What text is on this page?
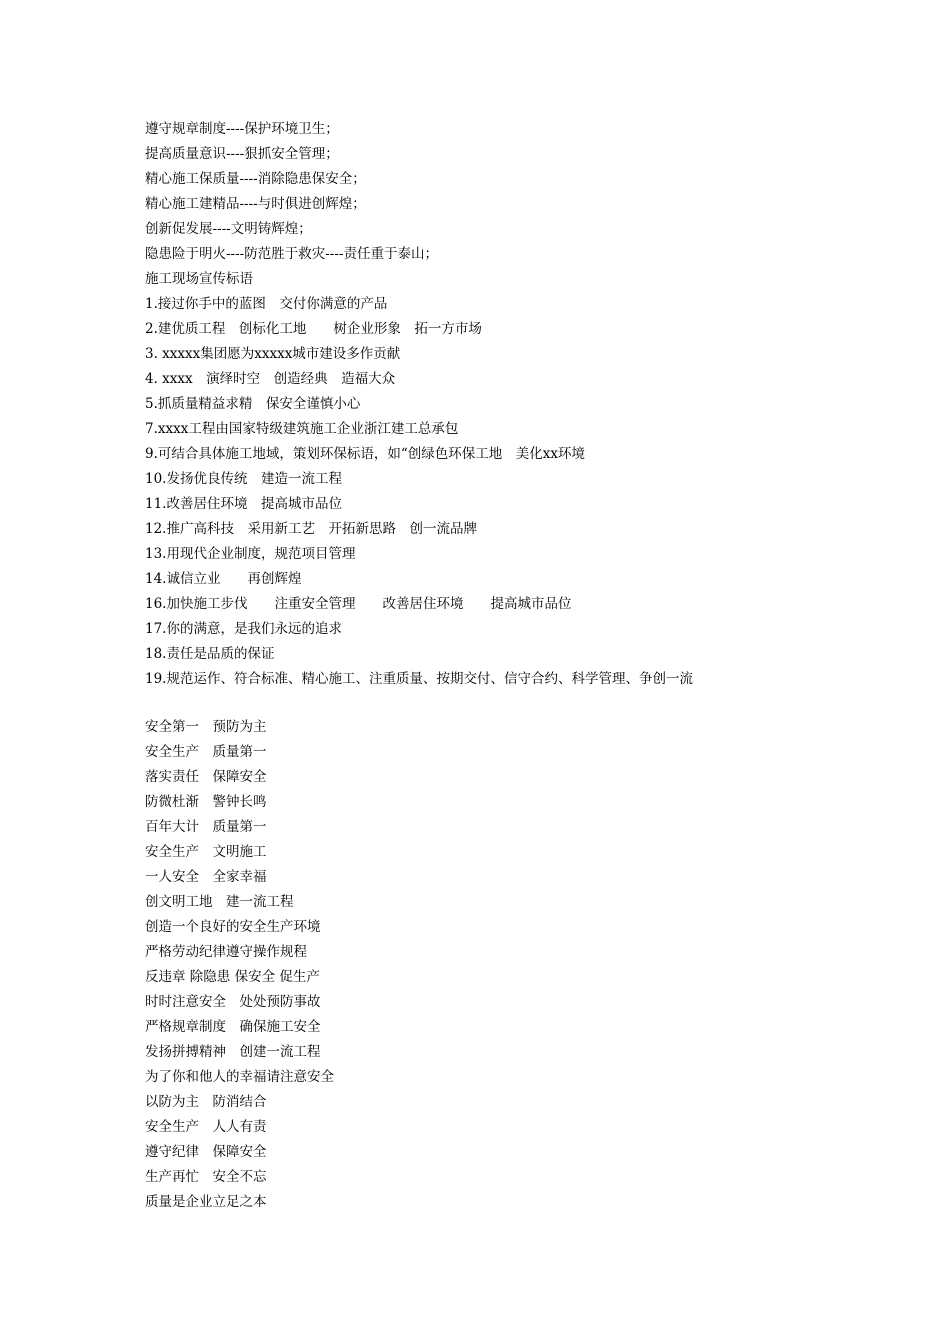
遵守规章制度----保护环境卫生；
提高质量意识----狠抓安全管理；
精心施工保质量----消除隐患保安全；
精心施工建精品----与时俱进创辉煌；
创新促发展----文明铸辉煌；
隐患险于明火----防范胜于救灾----责任重于泰山；
施工现场宣传标语
1.接过你手中的蓝图　交付你满意的产品
2.建优质工程　创标化工地　　树企业形象　拓一方市场
3. xxxxx集团愿为xxxxx城市建设多作贡献
4. xxxx　演绎时空　创造经典　造福大众
5.抓质量精益求精　保安全谨慎小心
7.xxxx工程由国家特级建筑施工企业浙江建工总承包
9.可结合具体施工地域，策划环保标语，如“创绿色环保工地　美化xx环境
10.发扬优良传统　建造一流工程
11.改善居住环境　提高城市品位
12.推广高科技　采用新工艺　开拓新思路　创一流品牌
13.用现代企业制度，规范项目管理
14.诚信立业　　再创辉煌
16.加快施工步伐　　注重安全管理　　改善居住环境　　提高城市品位
17.你的满意，是我们永远的追求
18.责任是品质的保证
19.规范运作、符合标准、精心施工、注重质量、按期交付、信守合约、科学管理、争创一流
安全第一　预防为主
安全生产　质量第一
落实责任　保障安全
防微杜渐　警钟长鸣
百年大计　质量第一
安全生产　文明施工
一人安全　全家幸福
创文明工地　建一流工程
创造一个良好的安全生产环境
严格劳动纪律遵守操作规程
反违章 除隐患 保安全 促生产
时时注意安全　处处预防事故
严格规章制度　确保施工安全
发扬拼搏精神　创建一流工程
为了你和他人的幸福请注意安全
以防为主　防消结合
安全生产　人人有责
遵守纪律　保障安全
生产再忙　安全不忘
质量是企业立足之本
